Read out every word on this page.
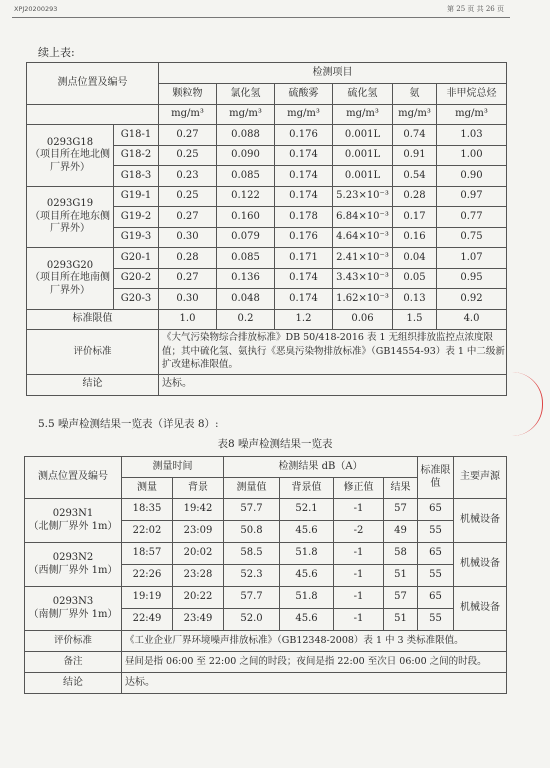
XPJ20200293	第 25 页 共 26 页
续上表:
测点位置及编号		检测项目					
		颗粒物	氯化氢	硫酸雾	硫化氢	氨	非甲烷总烃
		mg/m³	mg/m³	mg/m³	mg/m³	mg/m³	mg/m³
0293G18
（项目所在地北侧厂界外）	G18-1	0.27	0.088	0.176	0.001L	0.74	1.03
	G18-2	0.25	0.090	0.174	0.001L	0.91	1.00
	G18-3	0.23	0.085	0.174	0.001L	0.54	0.90
0293G19
（项目所在地东侧厂界外）	G19-1	0.25	0.122	0.174	5.23×10⁻³	0.28	0.97
	G19-2	0.27	0.160	0.178	6.84×10⁻³	0.17	0.77
	G19-3	0.30	0.079	0.176	4.64×10⁻³	0.16	0.75
0293G20
（项目所在地南侧厂界外）	G20-1	0.28	0.085	0.171	2.41×10⁻³	0.04	1.07
	G20-2	0.27	0.136	0.174	3.43×10⁻³	0.05	0.95
	G20-3	0.30	0.048	0.174	1.62×10⁻³	0.13	0.92
标准限值		1.0	0.2	1.2	0.06	1.5	4.0
评价标准		《大气污染物综合排放标准》DB 50/418-2016 表 1 无组织排放监控点浓度限值；其中硫化氢、氨执行《恶臭污染物排放标准》（GB14554-93）表 1 中二级新扩改建标准限值。					
结论		达标。					
5.5 噪声检测结果一览表（详见表 8）:
表8 噪声检测结果一览表
测点位置及编号	测量时间		检测结果 dB（A）				标准限值	主要声源
	测量	背景	测量值	背景值	修正值	结果		
0293N1
（北侧厂界外 1m）	18:35	19:42	57.7	52.1	-1	57	65	机械设备
	22:02	23:09	50.8	45.6	-2	49	55	
0293N2
（西侧厂界外 1m）	18:57	20:02	58.5	51.8	-1	58	65	机械设备
	22:26	23:28	52.3	45.6	-1	51	55	
0293N3
（南侧厂界外 1m）	19:19	20:22	57.7	51.8	-1	57	65	机械设备
	22:49	23:49	52.0	45.6	-1	51	55	
评价标准	《工业企业厂界环境噪声排放标准》（GB12348-2008）表 1 中 3 类标准限值。							
备注	昼间是指 06:00 至 22:00 之间的时段；夜间是指 22:00 至次日 06:00 之间的时段。							
结论	达标。							
